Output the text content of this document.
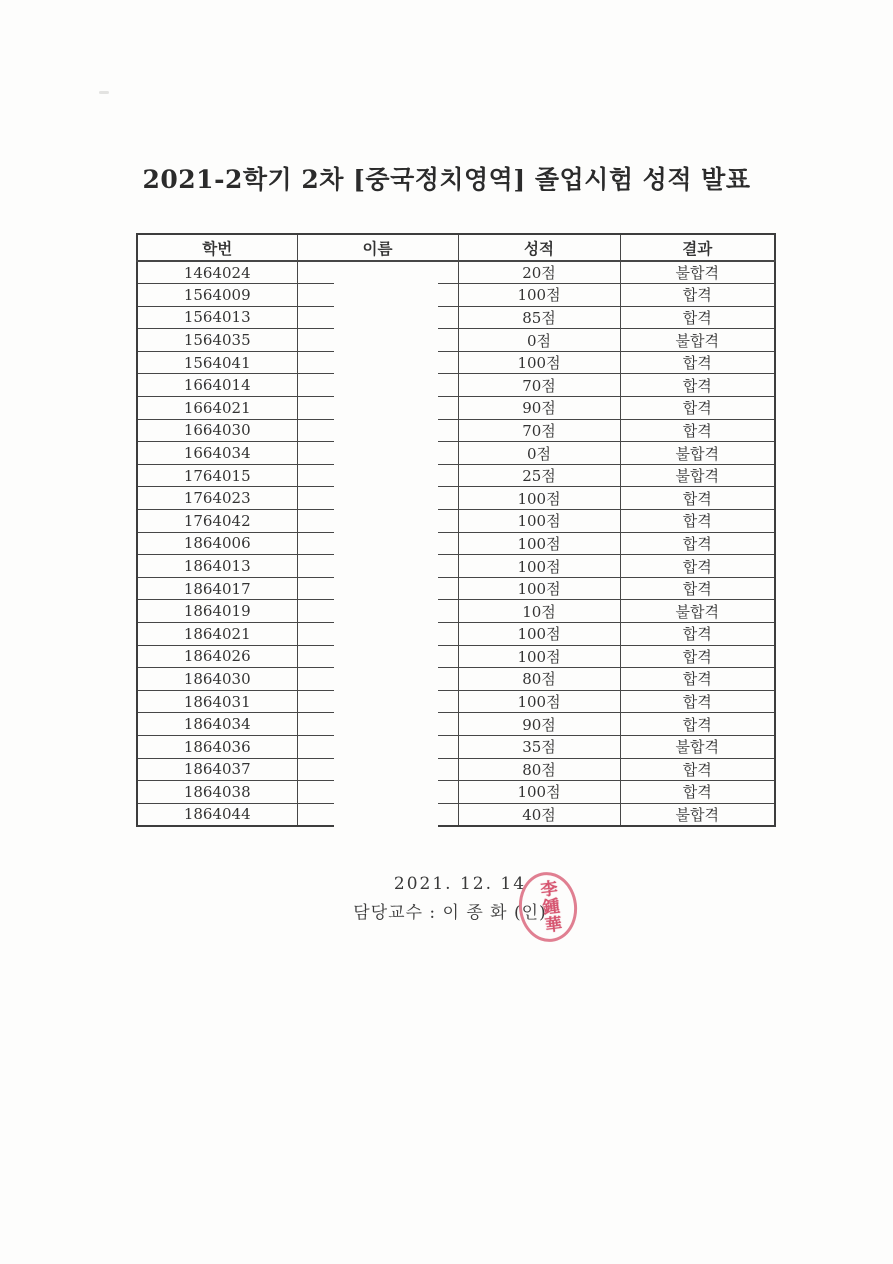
2021-2학기 2차 [중국정치영역] 졸업시험 성적 발표
학번	이름	성적	결과
1464024		20점	불합격
1564009		100점	합격
1564013		85점	합격
1564035		0점	불합격
1564041		100점	합격
1664014		70점	합격
1664021		90점	합격
1664030		70점	합격
1664034		0점	불합격
1764015		25점	불합격
1764023		100점	합격
1764042		100점	합격
1864006		100점	합격
1864013		100점	합격
1864017		100점	합격
1864019		10점	불합격
1864021		100점	합격
1864026		100점	합격
1864030		80점	합격
1864031		100점	합격
1864034		90점	합격
1864036		35점	불합격
1864037		80점	합격
1864038		100점	합격
1864044		40점	불합격
2021. 12. 14
담당교수 : 이 종 화 (인)
李鍾華
